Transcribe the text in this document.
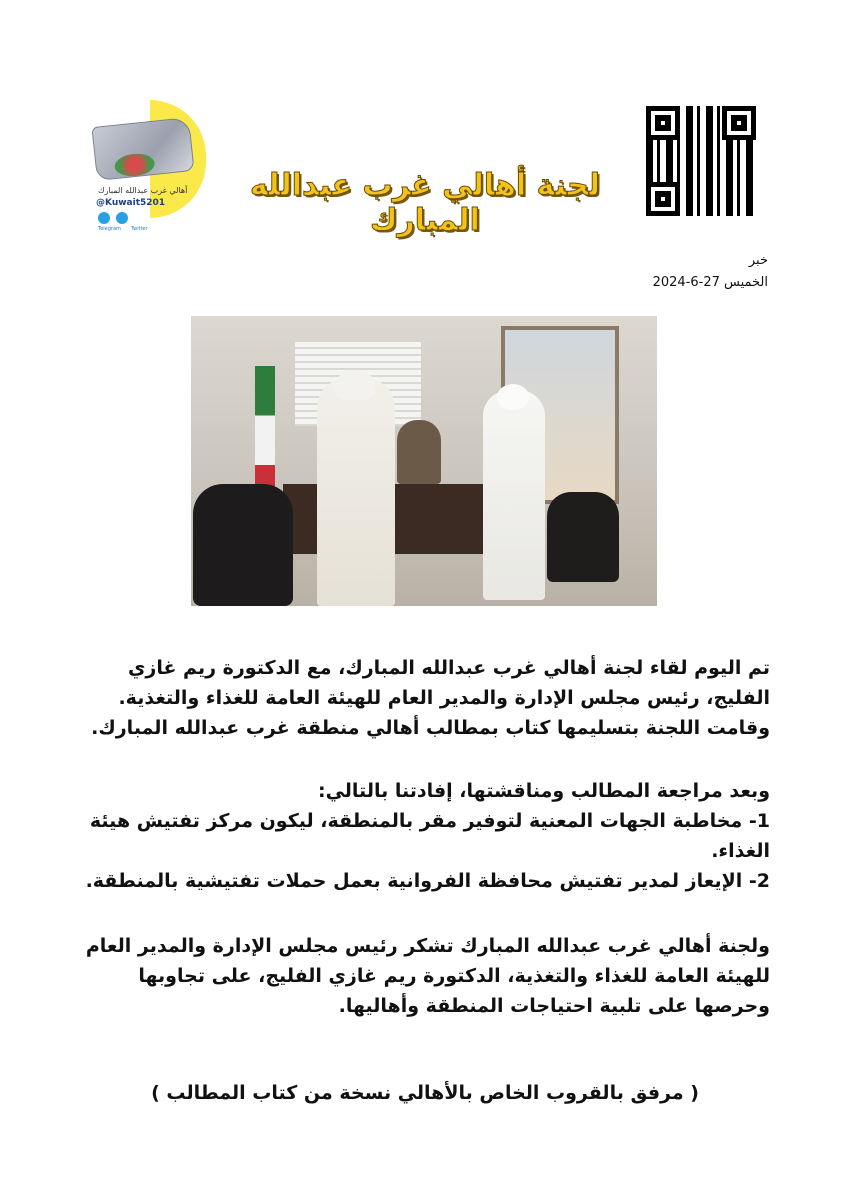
أهالي غرب عبدالله المبارك
@Kuwait5201
Telegram Twitter
لجنة أهالي غرب عبدالله المبارك
خبر
الخميس 27-6-2024

تم اليوم لقاء لجنة أهالي غرب عبدالله المبارك، مع الدكتورة ريم غازي الفليج، رئيس مجلس الإدارة والمدير العام للهيئة العامة للغذاء والتغذية. وقامت اللجنة بتسليمها كتاب بمطالب أهالي منطقة غرب عبدالله المبارك.

وبعد مراجعة المطالب ومناقشتها، إفادتنا بالتالي:

1- مخاطبة الجهات المعنية لتوفير مقر بالمنطقة، ليكون مركز تفتيش هيئة الغذاء.

2- الإيعاز لمدير تفتيش محافظة الفروانية بعمل حملات تفتيشية بالمنطقة.

ولجنة أهالي غرب عبدالله المبارك تشكر رئيس مجلس الإدارة والمدير العام للهيئة العامة للغذاء والتغذية، الدكتورة ريم غازي الفليج، على تجاوبها وحرصها على تلبية احتياجات المنطقة وأهاليها.

( مرفق بالقروب الخاص بالأهالي نسخة من كتاب المطالب )
